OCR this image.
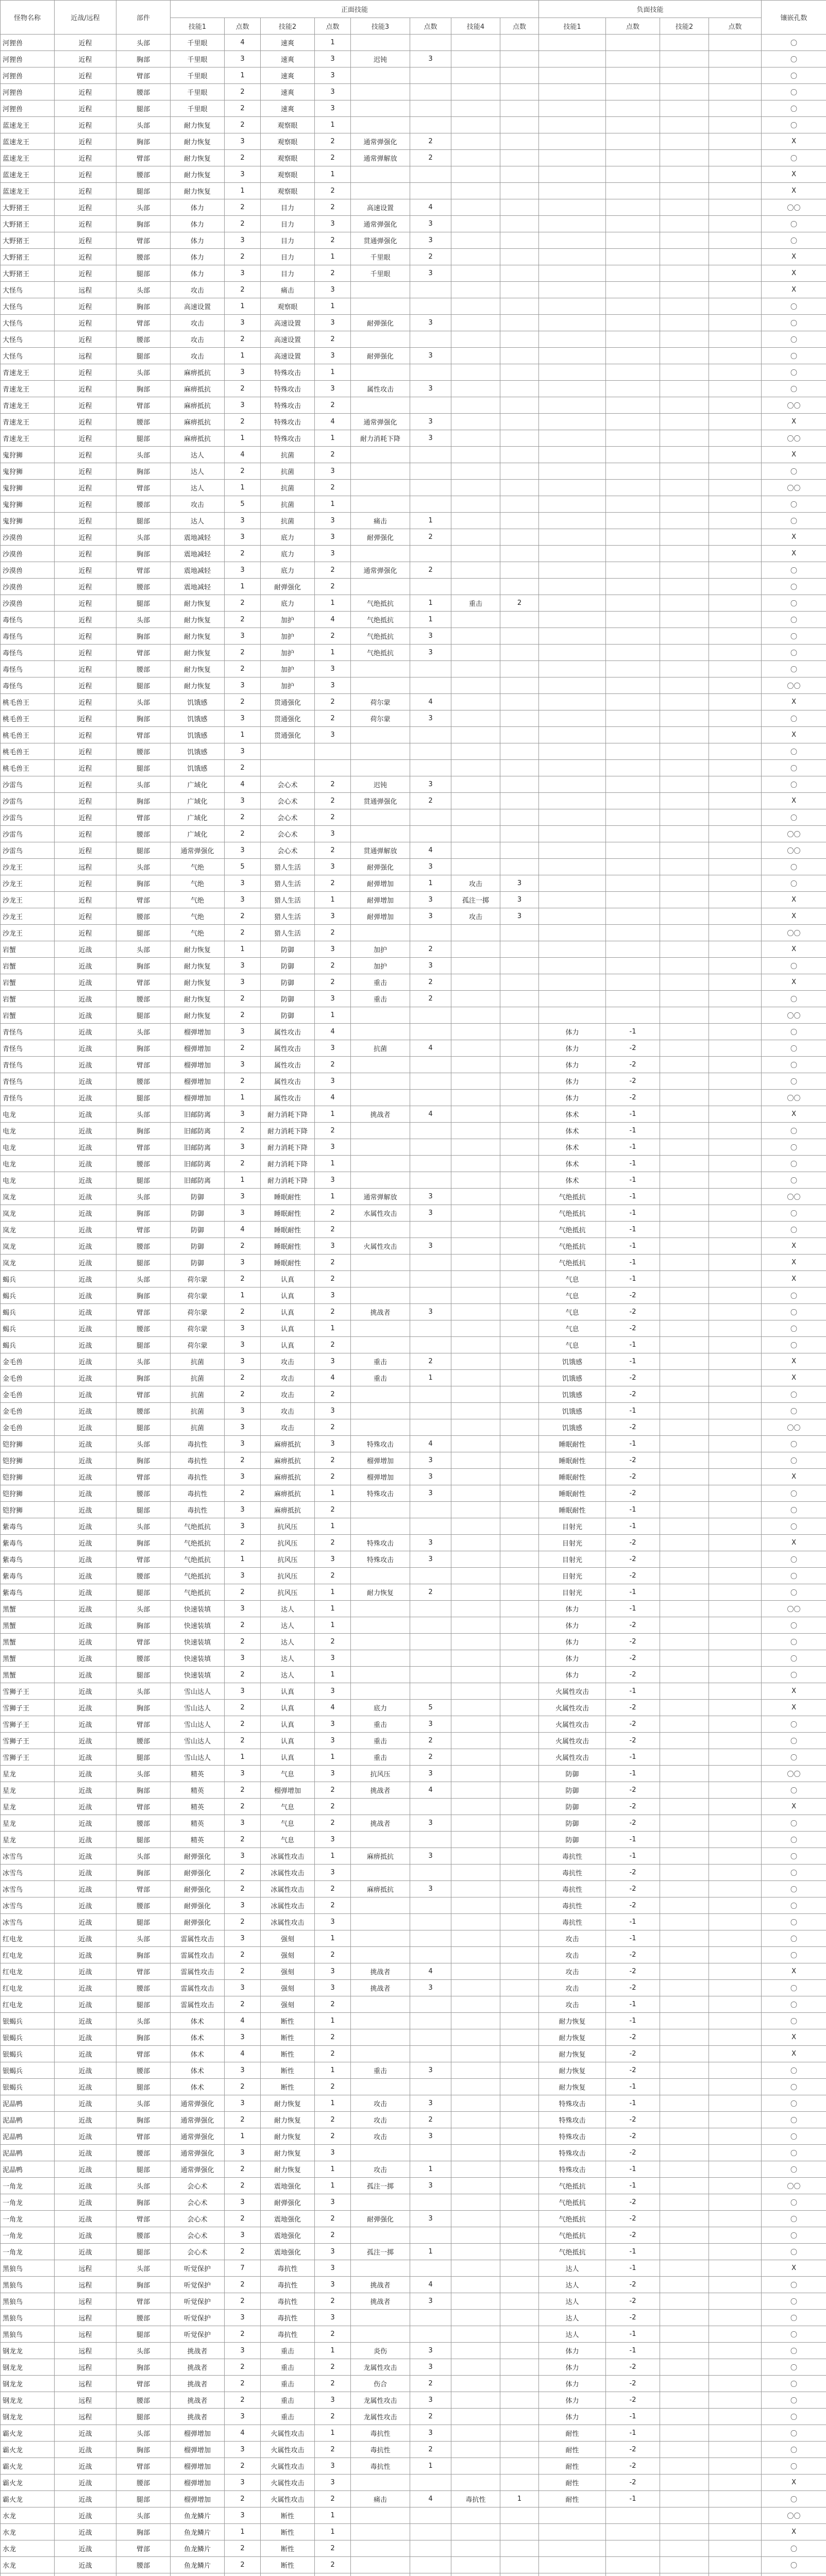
怪物名称	近战/远程	部件	正面技能								负面技能				镶嵌孔数
			技能1	点数	技能2	点数	技能3	点数	技能4	点数	技能1	点数	技能2	点数	
河狸兽	近程	头部	千里眼	4	速爽	1									〇
河狸兽	近程	胸部	千里眼	3	速爽	3	迟钝	3							〇
河狸兽	近程	臂部	千里眼	1	速爽	3									〇
河狸兽	近程	腰部	千里眼	2	速爽	3									〇
河狸兽	近程	腿部	千里眼	2	速爽	3									〇
蓝速龙王	近程	头部	耐力恢复	2	观察眼	1									〇
蓝速龙王	近程	胸部	耐力恢复	3	观察眼	2	通常弹强化	2							X
蓝速龙王	近程	臂部	耐力恢复	2	观察眼	2	通常弹解放	2							〇
蓝速龙王	近程	腰部	耐力恢复	3	观察眼	1									X
蓝速龙王	近程	腿部	耐力恢复	1	观察眼	2									X
大野猪王	近程	头部	体力	2	目力	2	高速设置	4							〇〇
大野猪王	近程	胸部	体力	2	目力	3	通常弹强化	3							〇
大野猪王	近程	臂部	体力	3	目力	2	贯通弹强化	3							〇
大野猪王	近程	腰部	体力	2	目力	1	千里眼	2							X
大野猪王	近程	腿部	体力	3	目力	2	千里眼	3							X
大怪鸟	远程	头部	攻击	2	痛击	3									X
大怪鸟	近程	胸部	高速设置	1	观察眼	1									〇
大怪鸟	近程	臂部	攻击	3	高速设置	3	耐弹强化	3							〇
大怪鸟	近程	腰部	攻击	2	高速设置	2									〇
大怪鸟	远程	腿部	攻击	1	高速设置	3	耐弹强化	3							〇
青速龙王	近程	头部	麻痹抵抗	3	特殊攻击	1									〇
青速龙王	近程	胸部	麻痹抵抗	2	特殊攻击	3	属性攻击	3							〇
青速龙王	近程	臂部	麻痹抵抗	3	特殊攻击	2									〇〇
青速龙王	近程	腰部	麻痹抵抗	2	特殊攻击	4	通常弹强化	3							X
青速龙王	近程	腿部	麻痹抵抗	1	特殊攻击	1	耐力消耗下降	3							〇〇
鬼狩狮	近程	头部	达人	4	抗菌	2									X
鬼狩狮	近程	胸部	达人	2	抗菌	3									〇
鬼狩狮	近程	臂部	达人	1	抗菌	2									〇〇
鬼狩狮	近程	腰部	攻击	5	抗菌	1									〇
鬼狩狮	近程	腿部	达人	3	抗菌	3	痛击	1							〇
沙漠兽	近程	头部	震地减轻	3	底力	3	耐弹强化	2							X
沙漠兽	近程	胸部	震地减轻	2	底力	3									X
沙漠兽	近程	臂部	震地减轻	3	底力	2	通常弹强化	2							〇
沙漠兽	近程	腰部	震地减轻	1	耐弹强化	2									〇
沙漠兽	近程	腿部	耐力恢复	2	底力	1	气绝抵抗	1	重击	2					〇
毒怪鸟	近程	头部	耐力恢复	2	加护	4	气绝抵抗	1							〇
毒怪鸟	近程	胸部	耐力恢复	3	加护	2	气绝抵抗	3							〇
毒怪鸟	近程	臂部	耐力恢复	2	加护	1	气绝抵抗	3							〇
毒怪鸟	近程	腰部	耐力恢复	2	加护	3									〇
毒怪鸟	近程	腿部	耐力恢复	3	加护	3									〇〇
桃毛兽王	近程	头部	饥饿感	2	贯通强化	2	荷尔蒙	4							X
桃毛兽王	近程	胸部	饥饿感	3	贯通强化	2	荷尔蒙	3							〇
桃毛兽王	近程	臂部	饥饿感	1	贯通强化	3									X
桃毛兽王	近程	腰部	饥饿感	3											〇
桃毛兽王	近程	腿部	饥饿感	2											〇
沙雷鸟	近程	头部	广域化	4	会心术	2	迟钝	3							〇
沙雷鸟	近程	胸部	广域化	3	会心术	2	贯通弹强化	2							X
沙雷鸟	近程	臂部	广域化	2	会心术	2									〇
沙雷鸟	近程	腰部	广域化	2	会心术	3									〇〇
沙雷鸟	近程	腿部	通常弹强化	3	会心术	2	贯通弹解放	4							〇〇
沙龙王	远程	头部	气绝	5	猎人生活	3	耐弹强化	3							〇
沙龙王	近程	胸部	气绝	3	猎人生活	2	耐弹增加	1	攻击	3					〇
沙龙王	近程	臂部	气绝	3	猎人生活	1	耐弹增加	3	孤注一掷	3					X
沙龙王	近程	腰部	气绝	2	猎人生活	3	耐弹增加	3	攻击	3					X
沙龙王	近程	腿部	气绝	2	猎人生活	2									〇〇
岩蟹	近战	头部	耐力恢复	1	防御	3	加护	2							X
岩蟹	近战	胸部	耐力恢复	3	防御	2	加护	3							〇
岩蟹	近战	臂部	耐力恢复	3	防御	2	重击	2							X
岩蟹	近战	腰部	耐力恢复	2	防御	3	重击	2							〇
岩蟹	近战	腿部	耐力恢复	2	防御	1									〇〇
青怪鸟	近战	头部	榴弹增加	3	属性攻击	4					体力	-1			〇
青怪鸟	近战	胸部	榴弹增加	2	属性攻击	3	抗菌	4			体力	-2			〇
青怪鸟	近战	臂部	榴弹增加	3	属性攻击	2					体力	-2			〇
青怪鸟	近战	腰部	榴弹增加	2	属性攻击	3					体力	-2			〇
青怪鸟	近战	腿部	榴弹增加	1	属性攻击	4					体力	-2			〇〇
电龙	近战	头部	旧邮防离	3	耐力消耗下降	1	挑战者	4			体术	-1			X
电龙	近战	胸部	旧邮防离	2	耐力消耗下降	2					体术	-1			〇
电龙	近战	臂部	旧邮防离	3	耐力消耗下降	3					体术	-1			〇
电龙	近战	腰部	旧邮防离	2	耐力消耗下降	1					体术	-1			〇
电龙	近战	腿部	旧邮防离	1	耐力消耗下降	3					体术	-1			〇
岚龙	近战	头部	防御	3	睡眠耐性	1	通常弹解放	3			气绝抵抗	-1			〇〇
岚龙	近战	胸部	防御	3	睡眠耐性	2	水属性攻击	3			气绝抵抗	-1			〇
岚龙	近战	臂部	防御	4	睡眠耐性	2					气绝抵抗	-1			〇
岚龙	近战	腰部	防御	2	睡眠耐性	3	火属性攻击	3			气绝抵抗	-1			X
岚龙	近战	腿部	防御	3	睡眠耐性	2					气绝抵抗	-1			X
蝎兵	近战	头部	荷尔蒙	2	认真	2					气息	-1			X
蝎兵	近战	胸部	荷尔蒙	1	认真	3					气息	-2			〇
蝎兵	近战	臂部	荷尔蒙	2	认真	2	挑战者	3			气息	-2			〇
蝎兵	近战	腰部	荷尔蒙	3	认真	1					气息	-2			〇
蝎兵	近战	腿部	荷尔蒙	3	认真	2					气息	-1			〇
金毛兽	近战	头部	抗菌	3	攻击	3	重击	2			饥饿感	-1			X
金毛兽	近战	胸部	抗菌	2	攻击	4	重击	1			饥饿感	-2			X
金毛兽	近战	臂部	抗菌	2	攻击	2					饥饿感	-2			〇
金毛兽	近战	腰部	抗菌	3	攻击	3					饥饿感	-1			〇
金毛兽	近战	腿部	抗菌	3	攻击	2					饥饿感	-2			〇〇
铠狩狮	近战	头部	毒抗性	3	麻痹抵抗	3	特殊攻击	4			睡眠耐性	-1			〇
铠狩狮	近战	胸部	毒抗性	2	麻痹抵抗	2	榴弹增加	3			睡眠耐性	-2			〇
铠狩狮	近战	臂部	毒抗性	3	麻痹抵抗	2	榴弹增加	3			睡眠耐性	-2			X
铠狩狮	近战	腰部	毒抗性	2	麻痹抵抗	1	特殊攻击	3			睡眠耐性	-2			〇
铠狩狮	近战	腿部	毒抗性	3	麻痹抵抗	2					睡眠耐性	-1			〇
紫毒鸟	近战	头部	气绝抵抗	3	抗风压	1					目射光	-1			〇
紫毒鸟	近战	胸部	气绝抵抗	2	抗风压	2	特殊攻击	3			目射光	-2			X
紫毒鸟	近战	臂部	气绝抵抗	1	抗风压	3	特殊攻击	3			目射光	-2			〇
紫毒鸟	近战	腰部	气绝抵抗	3	抗风压	2					目射光	-2			〇
紫毒鸟	近战	腿部	气绝抵抗	2	抗风压	1	耐力恢复	2			目射光	-1			〇
黑蟹	近战	头部	快速装填	3	达人	1					体力	-1			〇〇
黑蟹	近战	胸部	快速装填	2	达人	1					体力	-2			〇
黑蟹	近战	臂部	快速装填	2	达人	2					体力	-2			〇
黑蟹	近战	腰部	快速装填	3	达人	3					体力	-2			〇
黑蟹	近战	腿部	快速装填	2	达人	1					体力	-2			〇
雪狮子王	近战	头部	雪山达人	3	认真	3					火属性攻击	-1			X
雪狮子王	近战	胸部	雪山达人	2	认真	4	底力	5			火属性攻击	-2			X
雪狮子王	近战	臂部	雪山达人	2	认真	3	重击	3			火属性攻击	-2			〇
雪狮子王	近战	腰部	雪山达人	2	认真	3	重击	2			火属性攻击	-2			〇
雪狮子王	近战	腿部	雪山达人	1	认真	1	重击	2			火属性攻击	-1			〇
星龙	近战	头部	精英	3	气息	3	抗风压	3			防御	-1			〇〇
星龙	近战	胸部	精英	2	榴弹增加	2	挑战者	4			防御	-2			〇
星龙	近战	臂部	精英	2	气息	2					防御	-2			X
星龙	近战	腰部	精英	3	气息	2	挑战者	3			防御	-2			〇
星龙	近战	腿部	精英	2	气息	3					防御	-1			〇
冰雪鸟	近战	头部	耐弹强化	3	冰属性攻击	1	麻痹抵抗	3			毒抗性	-1			〇
冰雪鸟	近战	胸部	耐弹强化	2	冰属性攻击	3					毒抗性	-2			〇
冰雪鸟	近战	臂部	耐弹强化	2	冰属性攻击	2	麻痹抵抗	3			毒抗性	-2			〇
冰雪鸟	近战	腰部	耐弹强化	3	冰属性攻击	2					毒抗性	-2			〇
冰雪鸟	近战	腿部	耐弹强化	2	冰属性攻击	3					毒抗性	-1			〇
红电龙	近战	头部	雷属性攻击	3	强刻	1					攻击	-1			〇
红电龙	近战	胸部	雷属性攻击	2	强刻	2					攻击	-2			〇
红电龙	近战	臂部	雷属性攻击	2	强刻	3	挑战者	4			攻击	-2			X
红电龙	近战	腰部	雷属性攻击	3	强刻	3	挑战者	3			攻击	-2			〇
红电龙	近战	腿部	雷属性攻击	2	强刻	2					攻击	-1			〇
银蝎兵	近战	头部	体术	4	断性	1					耐力恢复	-1			〇
银蝎兵	近战	胸部	体术	3	断性	2					耐力恢复	-2			X
银蝎兵	近战	臂部	体术	4	断性	2					耐力恢复	-2			X
银蝎兵	近战	腰部	体术	3	断性	1	重击	3			耐力恢复	-2			〇
银蝎兵	近战	腿部	体术	2	断性	2					耐力恢复	-1			〇
泥晶鸭	近战	头部	通常弹强化	3	耐力恢复	1	攻击	3			特殊攻击	-1			〇
泥晶鸭	近战	胸部	通常弹强化	2	耐力恢复	2	攻击	2			特殊攻击	-2			〇
泥晶鸭	近战	臂部	通常弹强化	1	耐力恢复	2	攻击	3			特殊攻击	-2			〇
泥晶鸭	近战	腰部	通常弹强化	3	耐力恢复	3					特殊攻击	-2			〇
泥晶鸭	近战	腿部	通常弹强化	2	耐力恢复	1	攻击	1			特殊攻击	-1			〇
一角龙	近战	头部	会心术	2	震地强化	1	孤注一掷	3			气绝抵抗	-1			〇〇
一角龙	近战	胸部	会心术	3	耐弹强化	3					气绝抵抗	-2			〇
一角龙	近战	臂部	会心术	2	震地强化	2	耐弹强化	3			气绝抵抗	-2			〇
一角龙	近战	腰部	会心术	3	震地强化	2					气绝抵抗	-2			〇
一角龙	近战	腿部	会心术	2	震地强化	3	孤注一掷	1			气绝抵抗	-1			〇
黑狼鸟	远程	头部	听觉保护	7	毒抗性	3					达人	-1			X
黑狼鸟	远程	胸部	听觉保护	2	毒抗性	3	挑战者	4			达人	-2			〇
黑狼鸟	远程	臂部	听觉保护	2	毒抗性	2	挑战者	3			达人	-2			〇
黑狼鸟	远程	腰部	听觉保护	3	毒抗性	3					达人	-2			〇
黑狼鸟	远程	腿部	听觉保护	2	毒抗性	2					达人	-1			〇
钢龙龙	远程	头部	挑战者	3	重击	1	炎伤	3			体力	-1			〇
钢龙龙	远程	胸部	挑战者	2	重击	2	龙属性攻击	3			体力	-2			〇
钢龙龙	远程	臂部	挑战者	2	重击	2	伤合	2			体力	-2			〇
钢龙龙	远程	腰部	挑战者	2	重击	3	龙属性攻击	3			体力	-2			〇
钢龙龙	远程	腿部	挑战者	3	重击	2	龙属性攻击	2			体力	-1			〇
霸火龙	近战	头部	榴弹增加	4	火属性攻击	1	毒抗性	3			耐性	-1			〇
霸火龙	近战	胸部	榴弹增加	3	火属性攻击	2	毒抗性	2			耐性	-2			〇
霸火龙	近战	臂部	榴弹增加	2	火属性攻击	3	毒抗性	1			耐性	-2			〇
霸火龙	近战	腰部	榴弹增加	3	火属性攻击	3					耐性	-2			X
霸火龙	近战	腿部	榴弹增加	2	火属性攻击	2	痛击	4	毒抗性	1	耐性	-1			〇
水龙	近战	头部	鱼龙鳞片	3	断性	1									〇〇
水龙	近战	胸部	鱼龙鳞片	1	断性	1									X
水龙	近战	臂部	鱼龙鳞片	2	断性	2									〇
水龙	近战	腰部	鱼龙鳞片	2	断性	2									〇
